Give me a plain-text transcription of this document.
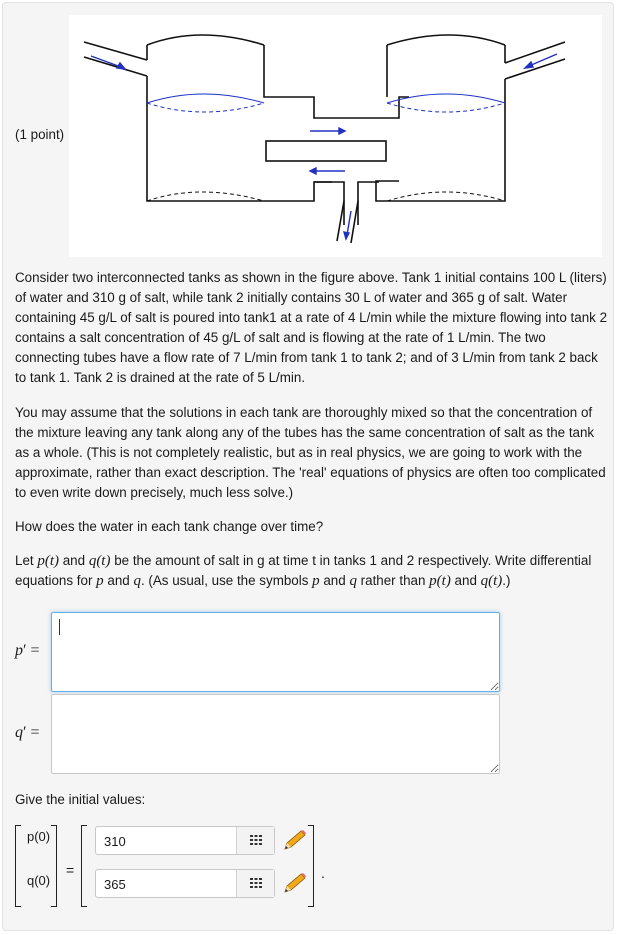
(1 point)
Consider two interconnected tanks as shown in the figure above. Tank 1 initial contains 100 L (liters) of water and 310 g of salt, while tank 2 initially contains 30 L of water and 365 g of salt. Water containing 45 g/L of salt is poured into tank1 at a rate of 4 L/min while the mixture flowing into tank 2 contains a salt concentration of 45 g/L of salt and is flowing at the rate of 1 L/min. The two connecting tubes have a flow rate of 7 L/min from tank 1 to tank 2; and of 3 L/min from tank 2 back to tank 1. Tank 2 is drained at the rate of 5 L/min.
You may assume that the solutions in each tank are thoroughly mixed so that the concentration of the mixture leaving any tank along any of the tubes has the same concentration of salt as the tank as a whole. (This is not completely realistic, but as in real physics, we are going to work with the approximate, rather than exact description. The 'real' equations of physics are often too complicated to even write down precisely, much less solve.)
How does the water in each tank change over time?
Let p(t) and q(t) be the amount of salt in g at time t in tanks 1 and 2 respectively. Write differential equations for p and q. (As usual, use the symbols p and q rather than p(t) and q(t).)
p′ =
q′ =
Give the initial values:
p(0)
q(0)
=
310
365
.
